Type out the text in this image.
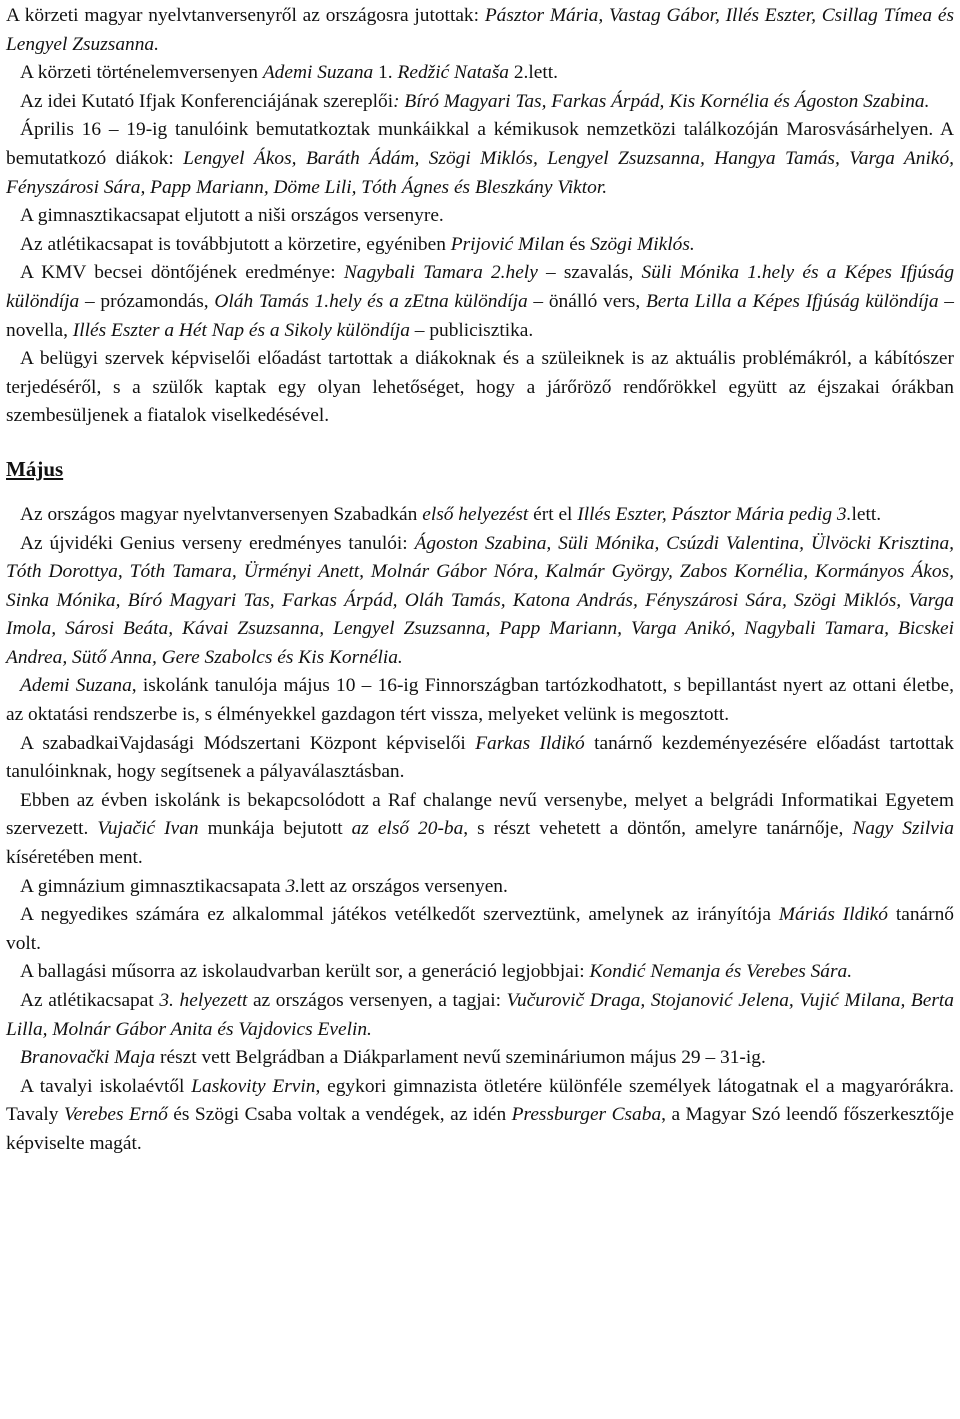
A körzeti magyar nyelvtanversenyről az országosra jutottak: Pásztor Mária, Vastag Gábor, Illés Eszter, Csillag Tímea és Lengyel Zsuzsanna.

A körzeti történelemversenyen Ademi Suzana 1. Redžić Nataša 2.lett.

Az idei Kutató Ifjak Konferenciájának szereplői: Bíró Magyari Tas, Farkas Árpád, Kis Kornélia és Ágoston Szabina.

Április 16 – 19-ig tanulóink bemutatkoztak munkáikkal a kémikusok nemzetközi találkozóján Marosvásárhelyen. A bemutatkozó diákok: Lengyel Ákos, Baráth Ádám, Szögi Miklós, Lengyel Zsuzsanna, Hangya Tamás, Varga Anikó, Fényszárosi Sára, Papp Mariann, Döme Lili, Tóth Ágnes és Bleszkány Viktor.

A gimnasztikacsapat eljutott a niši országos versenyre.

Az atlétikacsapat is továbbjutott a körzetire, egyéniben Prijović Milan és Szögi Miklós.

A KMV becsei döntőjének eredménye: Nagybali Tamara 2.hely – szavalás, Süli Mónika 1.hely és a Képes Ifjúság különdíja – prózamondás, Oláh Tamás 1.hely és a zEtna különdíja – önálló vers, Berta Lilla a Képes Ifjúság különdíja – novella, Illés Eszter a Hét Nap és a Sikoly különdíja – publicisztika.

A belügyi szervek képviselői előadást tartottak a diákoknak és a szüleiknek is az aktuális problémákról, a kábítószer terjedéséről, s a szülők kaptak egy olyan lehetőséget, hogy a járőröző rendőrökkel együtt az éjszakai órákban szembesüljenek a fiatalok viselkedésével.

Május

Az országos magyar nyelvtanversenyen Szabadkán első helyezést ért el Illés Eszter, Pásztor Mária pedig 3.lett.

Az újvidéki Genius verseny eredményes tanulói: Ágoston Szabina, Süli Mónika, Csúzdi Valentina, Ülvöcki Krisztina, Tóth Dorottya, Tóth Tamara, Ürményi Anett, Molnár Gábor Nóra, Kalmár György, Zabos Kornélia, Kormányos Ákos, Sinka Mónika, Bíró Magyari Tas, Farkas Árpád, Oláh Tamás, Katona András, Fényszárosi Sára, Szögi Miklós, Varga Imola, Sárosi Beáta, Kávai Zsuzsanna, Lengyel Zsuzsanna, Papp Mariann, Varga Anikó, Nagybali Tamara, Bicskei Andrea, Sütő Anna, Gere Szabolcs és Kis Kornélia.

Ademi Suzana, iskolánk tanulója május 10 – 16-ig Finnországban tartózkodhatott, s bepillantást nyert az ottani életbe, az oktatási rendszerbe is, s élményekkel gazdagon tért vissza, melyeket velünk is megosztott.

A szabadkaiVajdasági Módszertani Központ képviselői Farkas Ildikó tanárnő kezdeményezésére előadást tartottak tanulóinknak, hogy segítsenek a pályaválasztásban.

Ebben az évben iskolánk is bekapcsolódott a Raf chalange nevű versenybe, melyet a belgrádi Informatikai Egyetem szervezett. Vujačić Ivan munkája bejutott az első 20-ba, s részt vehetett a döntőn, amelyre tanárnője, Nagy Szilvia kíséretében ment.

A gimnázium gimnasztikacsapata 3.lett az országos versenyen.

A negyedikes számára ez alkalommal játékos vetélkedőt szerveztünk, amelynek az irányítója Máriás Ildikó tanárnő volt.

A ballagási műsorra az iskolaudvarban került sor, a generáció legjobbjai: Kondić Nemanja és Verebes Sára.

Az atlétikacsapat 3. helyezett az országos versenyen, a tagjai: Vučurovič Draga, Stojanović Jelena, Vujić Milana, Berta Lilla, Molnár Gábor Anita és Vajdovics Evelin.

Branovački Maja részt vett Belgrádban a Diákparlament nevű szemináriumon május 29 – 31-ig.

A tavalyi iskolaévtől Laskovity Ervin, egykori gimnazista ötletére különféle személyek látogatnak el a magyarórákra. Tavaly Verebes Ernő és Szögi Csaba voltak a vendégek, az idén Pressburger Csaba, a Magyar Szó leendő főszerkesztője képviselte magát.
